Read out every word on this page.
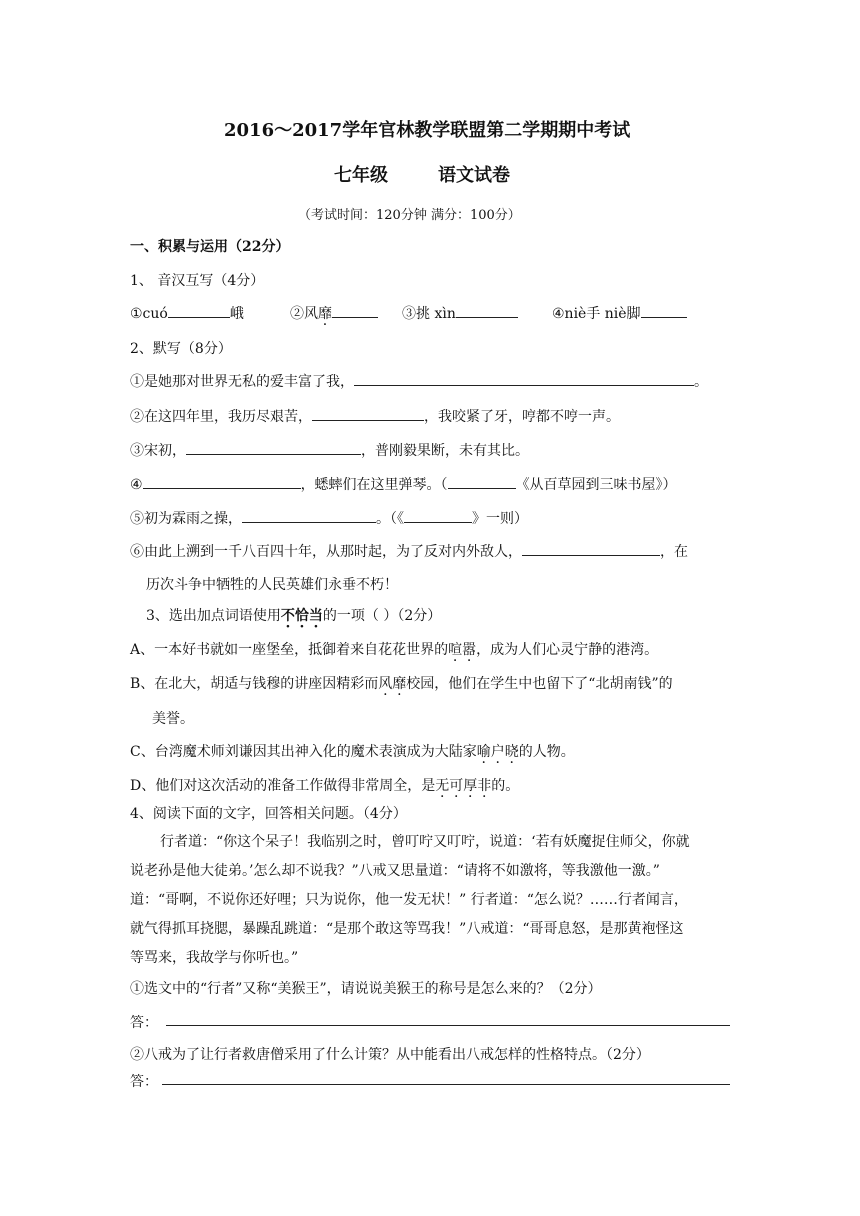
2016～2017学年官林教学联盟第二学期期中考试
七年级	语文试卷
（考试时间：120分钟 满分：100分）
一、积累与运用（22分）
1、 音汉互写（4分）
①cuó	峨	②风靡	③挑 xìn	④niè手 niè脚
2、默写（8分）
①是她那对世界无私的爱丰富了我，	。
②在这四年里，我历尽艰苦，	，我咬紧了牙，哼都不哼一声。
③宋初，	，普刚毅果断，未有其比。
④	，蟋蟀们在这里弹琴。（	《从百草园到三味书屋》）
⑤初为霖雨之操，	。（《	》一则）
⑥由此上溯到一千八百四十年，从那时起，为了反对内外敌人，	，在
历次斗争中牺牲的人民英雄们永垂不朽！
3、选出加点词语使用不恰当的一项（ ）（2分）
A、一本好书就如一座堡垒，抵御着来自花花世界的喧嚣，成为人们心灵宁静的港湾。
B、在北大，胡适与钱穆的讲座因精彩而风靡校园，他们在学生中也留下了“北胡南钱”的
美誉。
C、台湾魔术师刘谦因其出神入化的魔术表演成为大陆家喻户晓的人物。
D、他们对这次活动的准备工作做得非常周全，是无可厚非的。
4、阅读下面的文字，回答相关问题。（4分）
行者道：“你这个呆子！我临别之时，曾叮咛又叮咛，说道：‘若有妖魔捉住师父，你就
说老孙是他大徒弟。’怎么却不说我？”八戒又思量道：“请将不如激将，等我激他一激。”
道：“哥啊，不说你还好哩；只为说你，他一发无状！” 行者道：“怎么说？……行者闻言，
就气得抓耳挠腮，暴躁乱跳道：“是那个敢这等骂我！”八戒道：“哥哥息怒，是那黄袍怪这
等骂来，我故学与你听也。”
①选文中的“行者”又称“美猴王”，请说说美猴王的称号是怎么来的？（2分）
答：
②八戒为了让行者救唐僧采用了什么计策？从中能看出八戒怎样的性格特点。（2分）
答：
